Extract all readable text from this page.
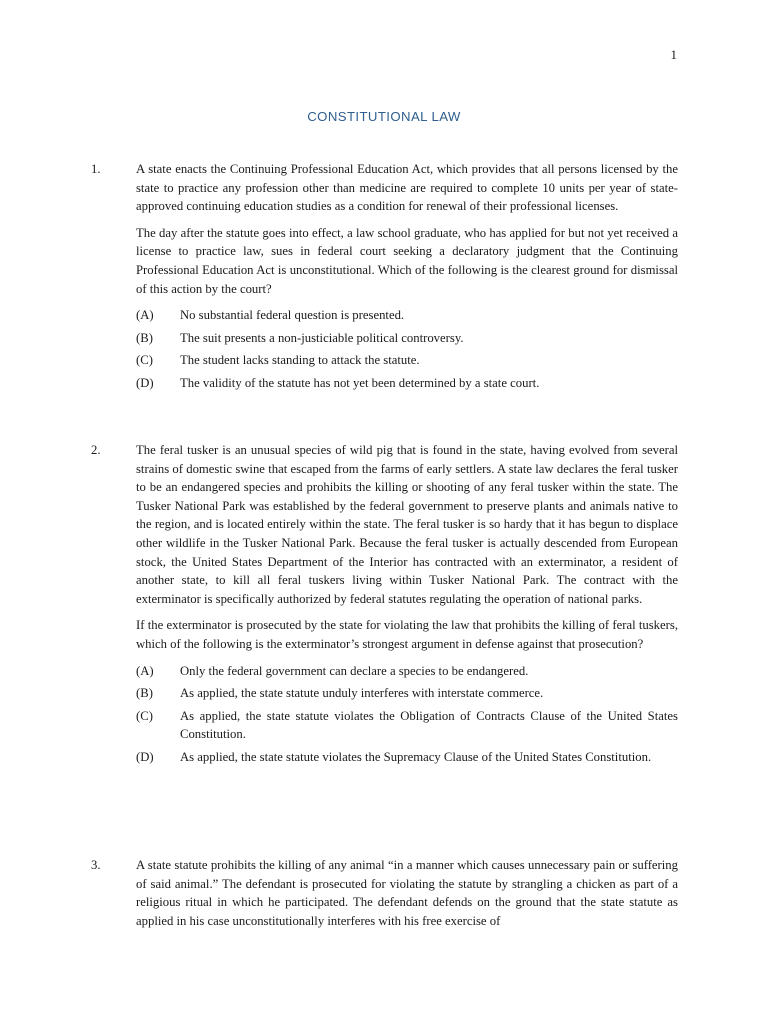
1
CONSTITUTIONAL LAW
1.	A state enacts the Continuing Professional Education Act, which provides that all persons licensed by the state to practice any profession other than medicine are required to complete 10 units per year of state-approved continuing education studies as a condition for renewal of their professional licenses.

The day after the statute goes into effect, a law school graduate, who has applied for but not yet received a license to practice law, sues in federal court seeking a declaratory judgment that the Continuing Professional Education Act is unconstitutional. Which of the following is the clearest ground for dismissal of this action by the court?

(A)	No substantial federal question is presented.
(B)	The suit presents a non-justiciable political controversy.
(C)	The student lacks standing to attack the statute.
(D)	The validity of the statute has not yet been determined by a state court.
2.	The feral tusker is an unusual species of wild pig that is found in the state, having evolved from several strains of domestic swine that escaped from the farms of early settlers. A state law declares the feral tusker to be an endangered species and prohibits the killing or shooting of any feral tusker within the state. The Tusker National Park was established by the federal government to preserve plants and animals native to the region, and is located entirely within the state. The feral tusker is so hardy that it has begun to displace other wildlife in the Tusker National Park. Because the feral tusker is actually descended from European stock, the United States Department of the Interior has contracted with an exterminator, a resident of another state, to kill all feral tuskers living within Tusker National Park. The contract with the exterminator is specifically authorized by federal statutes regulating the operation of national parks.

If the exterminator is prosecuted by the state for violating the law that prohibits the killing of feral tuskers, which of the following is the exterminator’s strongest argument in defense against that prosecution?

(A)	Only the federal government can declare a species to be endangered.
(B)	As applied, the state statute unduly interferes with interstate commerce.
(C)	As applied, the state statute violates the Obligation of Contracts Clause of the United States Constitution.
(D)	As applied, the state statute violates the Supremacy Clause of the United States Constitution.
3.	A state statute prohibits the killing of any animal “in a manner which causes unnecessary pain or suffering of said animal.” The defendant is prosecuted for violating the statute by strangling a chicken as part of a religious ritual in which he participated. The defendant defends on the ground that the state statute as applied in his case unconstitutionally interferes with his free exercise of
